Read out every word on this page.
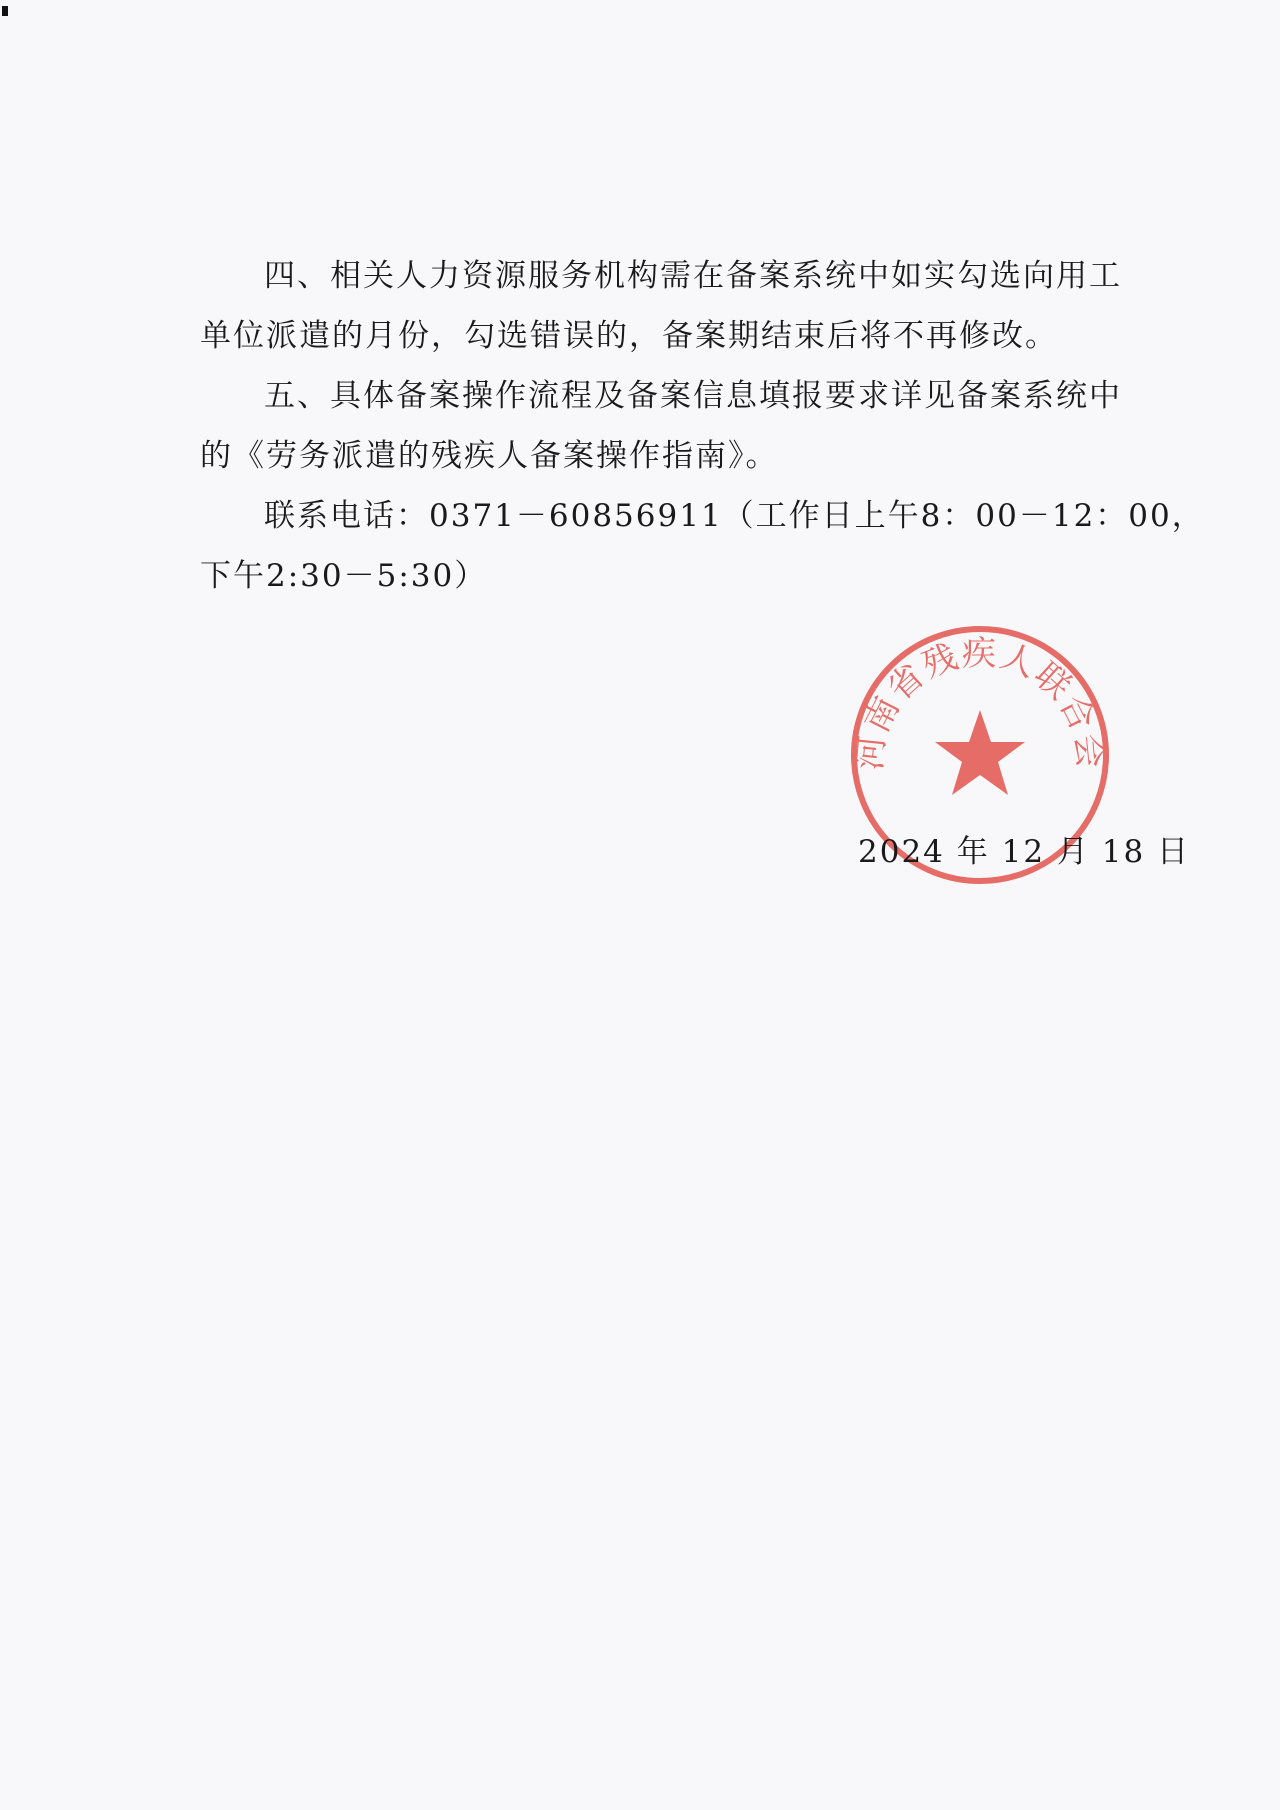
四、相关人力资源服务机构需在备案系统中如实勾选向用工

单位派遣的月份，勾选错误的，备案期结束后将不再修改。

五、具体备案操作流程及备案信息填报要求详见备案系统中

的《劳务派遣的残疾人备案操作指南》。

联系电话：0371－60856911（工作日上午8：00－12：00，

下午2:30－5:30）

河南省残疾人联合会
2024 年 12 月 18 日
